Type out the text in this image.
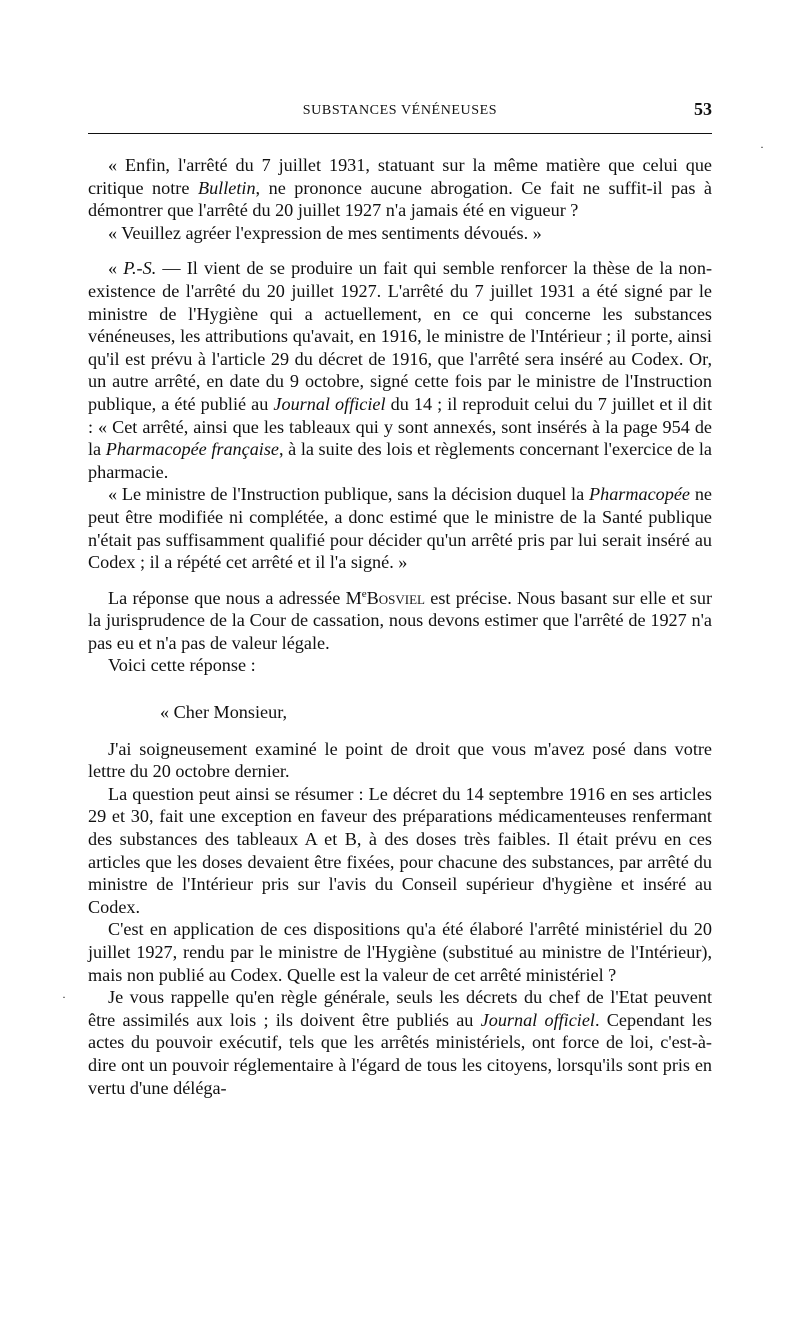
·
·
SUBSTANCES VÉNÉNEUSES	53

« Enfin, l'arrêté du 7 juillet 1931, statuant sur la même matière que celui que critique notre Bulletin, ne prononce aucune abrogation. Ce fait ne suffit-il pas à démontrer que l'arrêté du 20 juillet 1927 n'a jamais été en vigueur ?

« Veuillez agréer l'expression de mes sentiments dévoués. »

« P.-S. — Il vient de se produire un fait qui semble renforcer la thèse de la non-existence de l'arrêté du 20 juillet 1927. L'arrêté du 7 juillet 1931 a été signé par le ministre de l'Hygiène qui a actuellement, en ce qui concerne les substances vénéneuses, les attributions qu'avait, en 1916, le ministre de l'Intérieur ; il porte, ainsi qu'il est prévu à l'article 29 du décret de 1916, que l'arrêté sera inséré au Codex. Or, un autre arrêté, en date du 9 octobre, signé cette fois par le ministre de l'Instruction publique, a été publié au Journal officiel du 14 ; il reproduit celui du 7 juillet et il dit : « Cet arrêté, ainsi que les tableaux qui y sont annexés, sont insérés à la page 954 de la Pharmacopée française, à la suite des lois et règlements concernant l'exercice de la pharmacie.

« Le ministre de l'Instruction publique, sans la décision duquel la Pharmacopée ne peut être modifiée ni complétée, a donc estimé que le ministre de la Santé publique n'était pas suffisamment qualifié pour décider qu'un arrêté pris par lui serait inséré au Codex ; il a répété cet arrêté et il l'a signé. »

La réponse que nous a adressée MeBosviel est précise. Nous basant sur elle et sur la jurisprudence de la Cour de cassation, nous devons estimer que l'arrêté de 1927 n'a pas eu et n'a pas de valeur légale.

Voici cette réponse :

« Cher Monsieur,

J'ai soigneusement examiné le point de droit que vous m'avez posé dans votre lettre du 20 octobre dernier.

La question peut ainsi se résumer : Le décret du 14 septembre 1916 en ses articles 29 et 30, fait une exception en faveur des préparations médicamenteuses renfermant des substances des tableaux A et B, à des doses très faibles. Il était prévu en ces articles que les doses devaient être fixées, pour chacune des substances, par arrêté du ministre de l'Intérieur pris sur l'avis du Conseil supérieur d'hygiène et inséré au Codex.

C'est en application de ces dispositions qu'a été élaboré l'arrêté ministériel du 20 juillet 1927, rendu par le ministre de l'Hygiène (substitué au ministre de l'Intérieur), mais non publié au Codex. Quelle est la valeur de cet arrêté ministériel ?

Je vous rappelle qu'en règle générale, seuls les décrets du chef de l'Etat peuvent être assimilés aux lois ; ils doivent être publiés au Journal officiel. Cependant les actes du pouvoir exécutif, tels que les arrêtés ministériels, ont force de loi, c'est-à-dire ont un pouvoir réglementaire à l'égard de tous les citoyens, lorsqu'ils sont pris en vertu d'une déléga-
